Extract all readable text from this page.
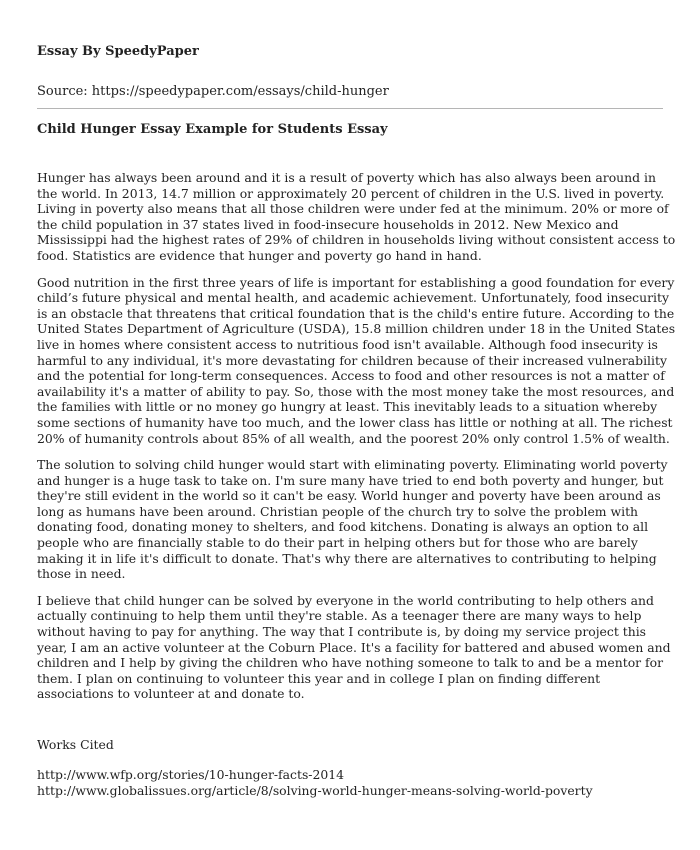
Essay By SpeedyPaper

Source: https://speedypaper.com/essays/child-hunger

Child Hunger Essay Example for Students Essay

Hunger has always been around and it is a result of poverty which has also always been around in the world. In 2013, 14.7 million or approximately 20 percent of children in the U.S. lived in poverty. Living in poverty also means that all those children were under fed at the minimum. 20% or more of the child population in 37 states lived in food-insecure households in 2012. New Mexico and Mississippi had the highest rates of 29% of children in households living without consistent access to food. Statistics are evidence that hunger and poverty go hand in hand.

Good nutrition in the first three years of life is important for establishing a good foundation for every child’s future physical and mental health, and academic achievement. Unfortunately, food insecurity is an obstacle that threatens that critical foundation that is the child's entire future. According to the United States Department of Agriculture (USDA), 15.8 million children under 18 in the United States live in homes where consistent access to nutritious food isn't available. Although food insecurity is harmful to any individual, it's more devastating for children because of their increased vulnerability and the potential for long-term consequences. Access to food and other resources is not a matter of availability it's a matter of ability to pay. So, those with the most money take the most resources, and the families with little or no money go hungry at least. This inevitably leads to a situation whereby some sections of humanity have too much, and the lower class has little or nothing at all. The richest 20% of humanity controls about 85% of all wealth, and the poorest 20% only control 1.5% of wealth.

The solution to solving child hunger would start with eliminating poverty. Eliminating world poverty and hunger is a huge task to take on. I'm sure many have tried to end both poverty and hunger, but they're still evident in the world so it can't be easy. World hunger and poverty have been around as long as humans have been around. Christian people of the church try to solve the problem with donating food, donating money to shelters, and food kitchens. Donating is always an option to all people who are financially stable to do their part in helping others but for those who are barely making it in life it's difficult to donate. That's why there are alternatives to contributing to helping those in need.

I believe that child hunger can be solved by everyone in the world contributing to help others and actually continuing to help them until they're stable. As a teenager there are many ways to help without having to pay for anything. The way that I contribute is, by doing my service project this year, I am an active volunteer at the Coburn Place. It's a facility for battered and abused women and children and I help by giving the children who have nothing someone to talk to and be a mentor for them. I plan on continuing to volunteer this year and in college I plan on finding different associations to volunteer at and donate to.

Works Cited

http://www.wfp.org/stories/10-hunger-facts-2014
http://www.globalissues.org/article/8/solving-world-hunger-means-solving-world-poverty
